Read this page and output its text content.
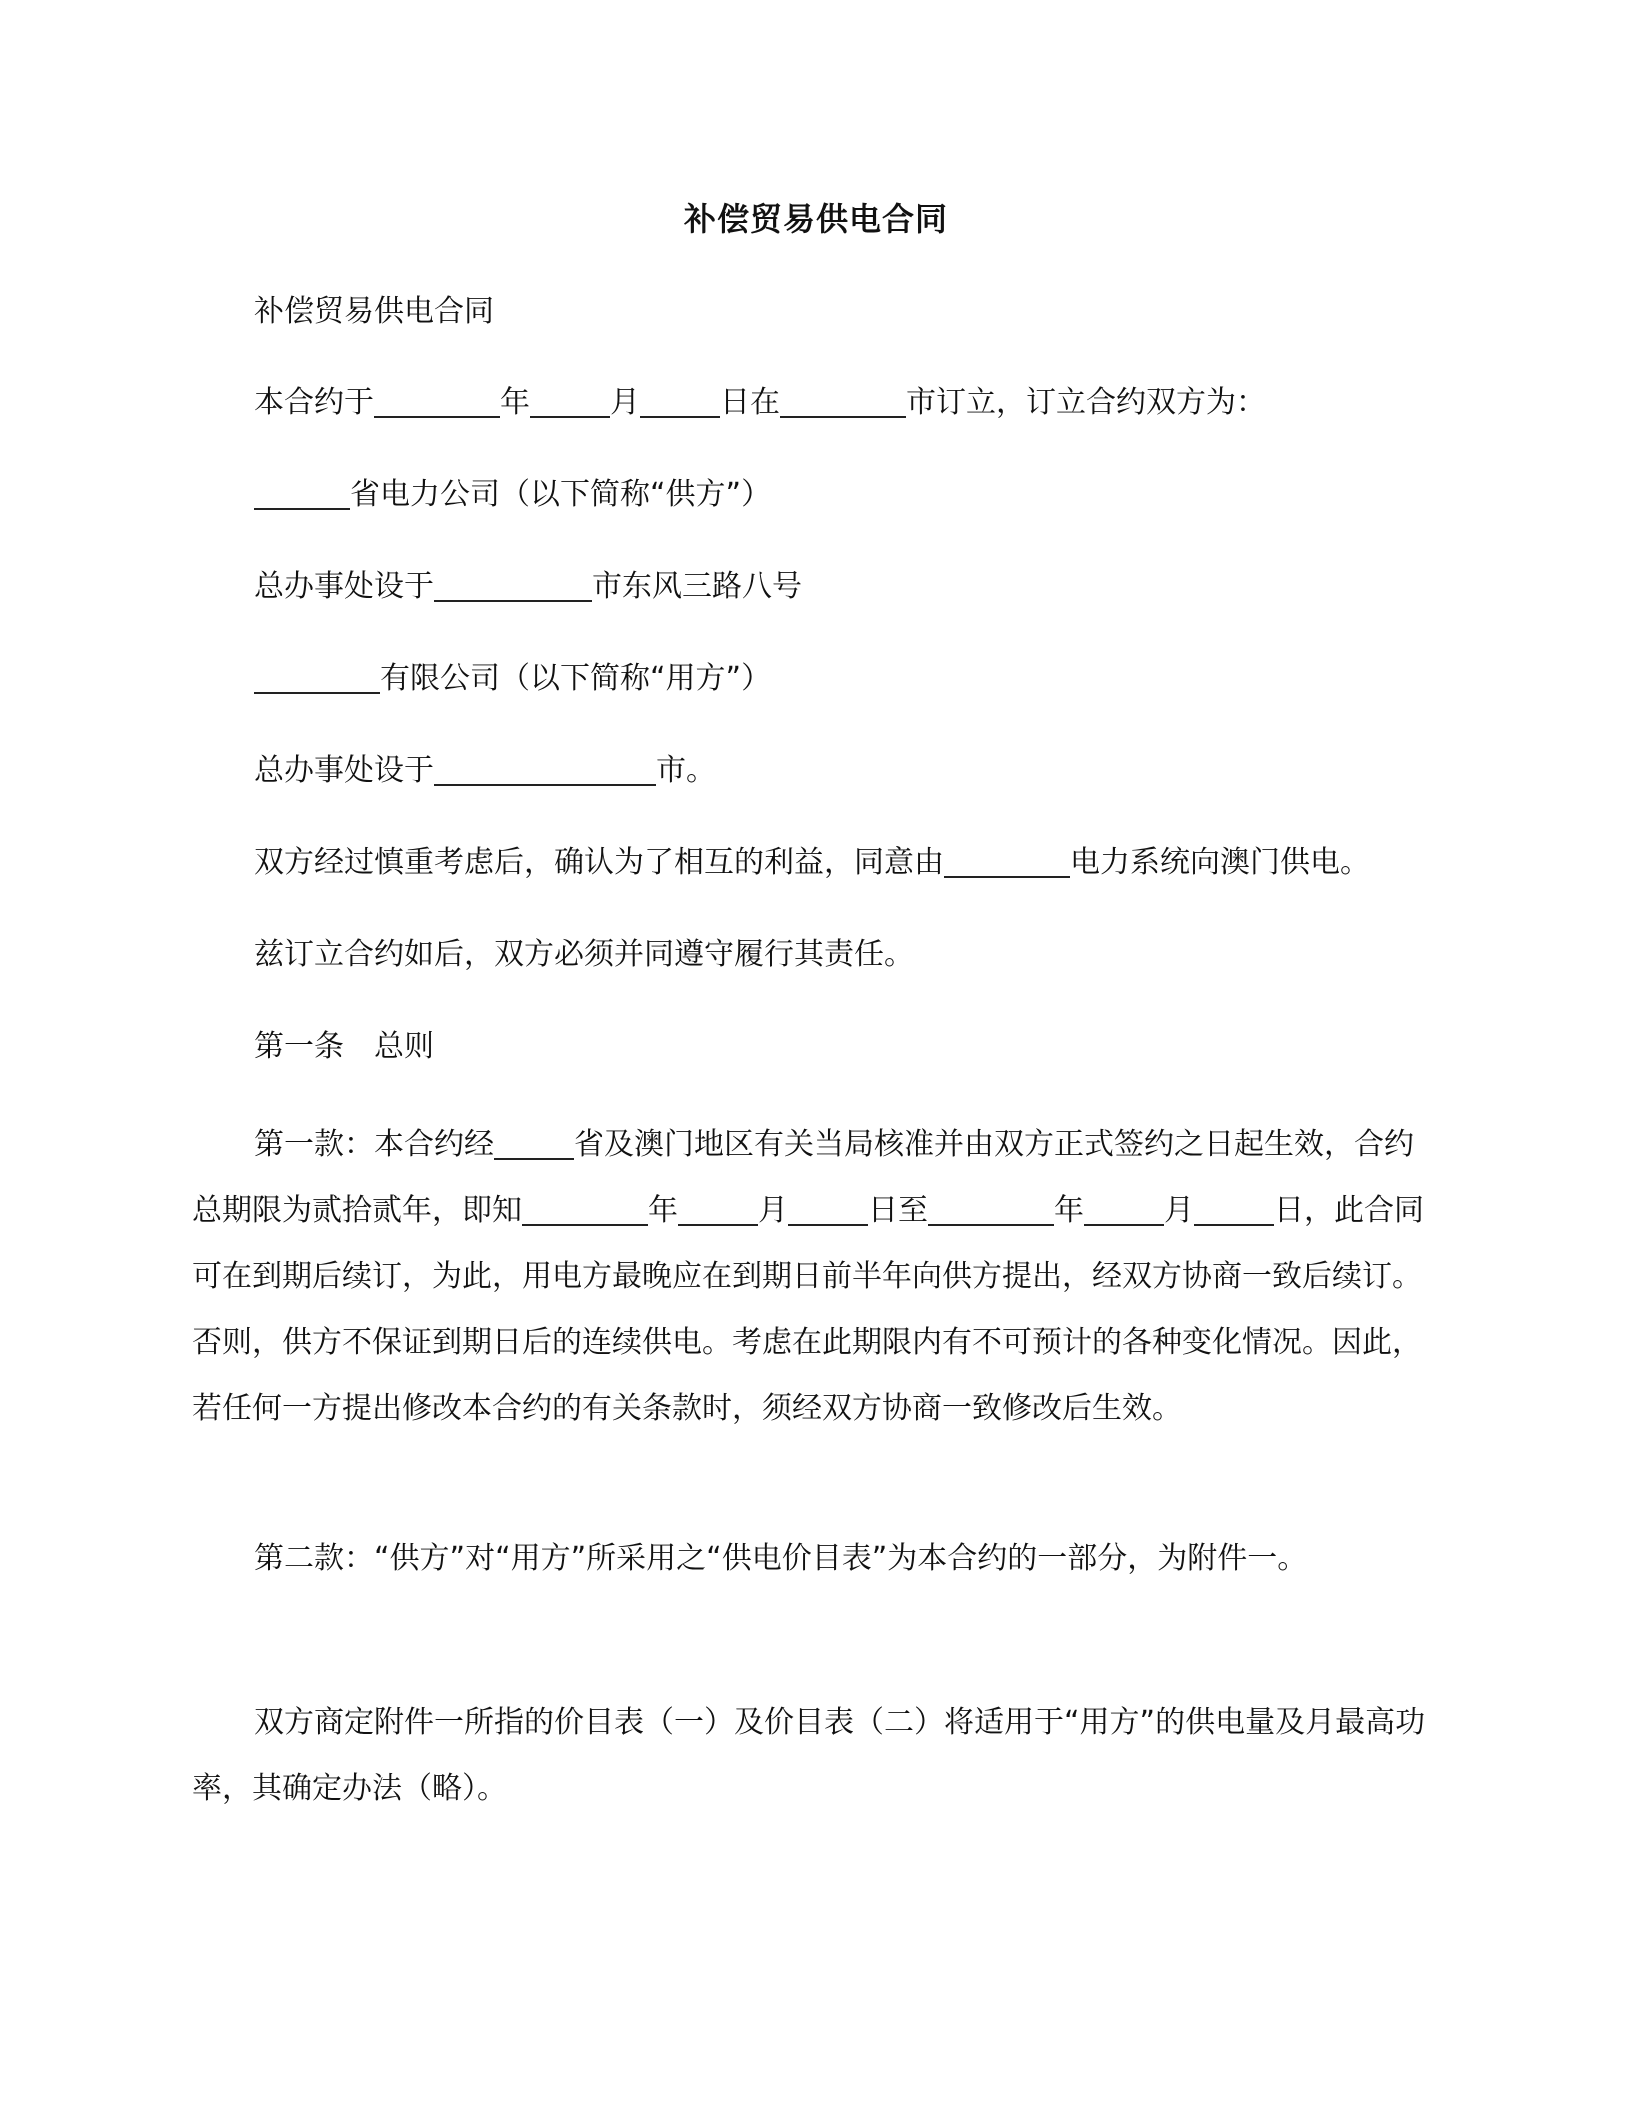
补偿贸易供电合同
补偿贸易供电合同
本合约于	年	月	日在	市订立，订立合约双方为：
省电力公司（以下简称“供方”）
总办事处设于	市东风三路八号
有限公司（以下简称“用方”）
总办事处设于	市。
双方经过慎重考虑后，确认为了相互的利益，同意由	电力系统向澳门供电。
兹订立合约如后，双方必须并同遵守履行其责任。
第一条 总则
第一款：本合约经	省及澳门地区有关当局核准并由双方正式签约之日起生效，合约总期限为贰拾贰年，即知	年	月	日至	年	月	日，此合同可在到期后续订，为此，用电方最晚应在到期日前半年向供方提出，经双方协商一致后续订。否则，供方不保证到期日后的连续供电。考虑在此期限内有不可预计的各种变化情况。因此，若任何一方提出修改本合约的有关条款时，须经双方协商一致修改后生效。
第二款：“供方”对“用方”所采用之“供电价目表”为本合约的一部分，为附件一。
双方商定附件一所指的价目表（一）及价目表（二）将适用于“用方”的供电量及月最高功率，其确定办法（略）。
